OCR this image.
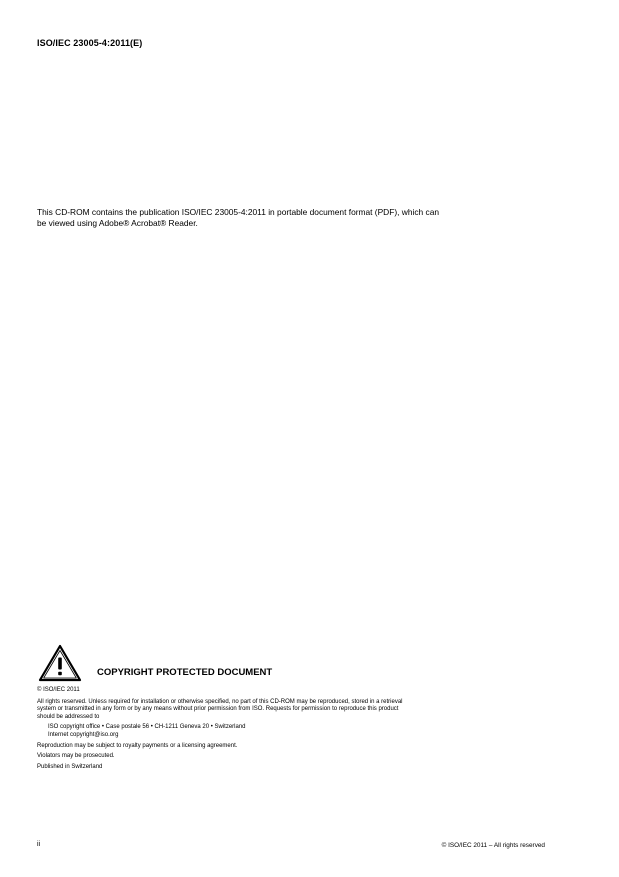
ISO/IEC 23005-4:2011(E)
This CD-ROM contains the publication ISO/IEC 23005-4:2011 in portable document format (PDF), which can
be viewed using Adobe® Acrobat® Reader.
COPYRIGHT PROTECTED DOCUMENT
© ISO/IEC 2011
All rights reserved. Unless required for installation or otherwise specified, no part of this CD-ROM may be reproduced, stored in a retrieval
system or transmitted in any form or by any means without prior permission from ISO. Requests for permission to reproduce this product
should be addressed to
ISO copyright office • Case postale 56 • CH-1211 Geneva 20 • Switzerland
Internet copyright@iso.org
Reproduction may be subject to royalty payments or a licensing agreement.
Violators may be prosecuted.
Published in Switzerland
ii	© ISO/IEC 2011 – All rights reserved
